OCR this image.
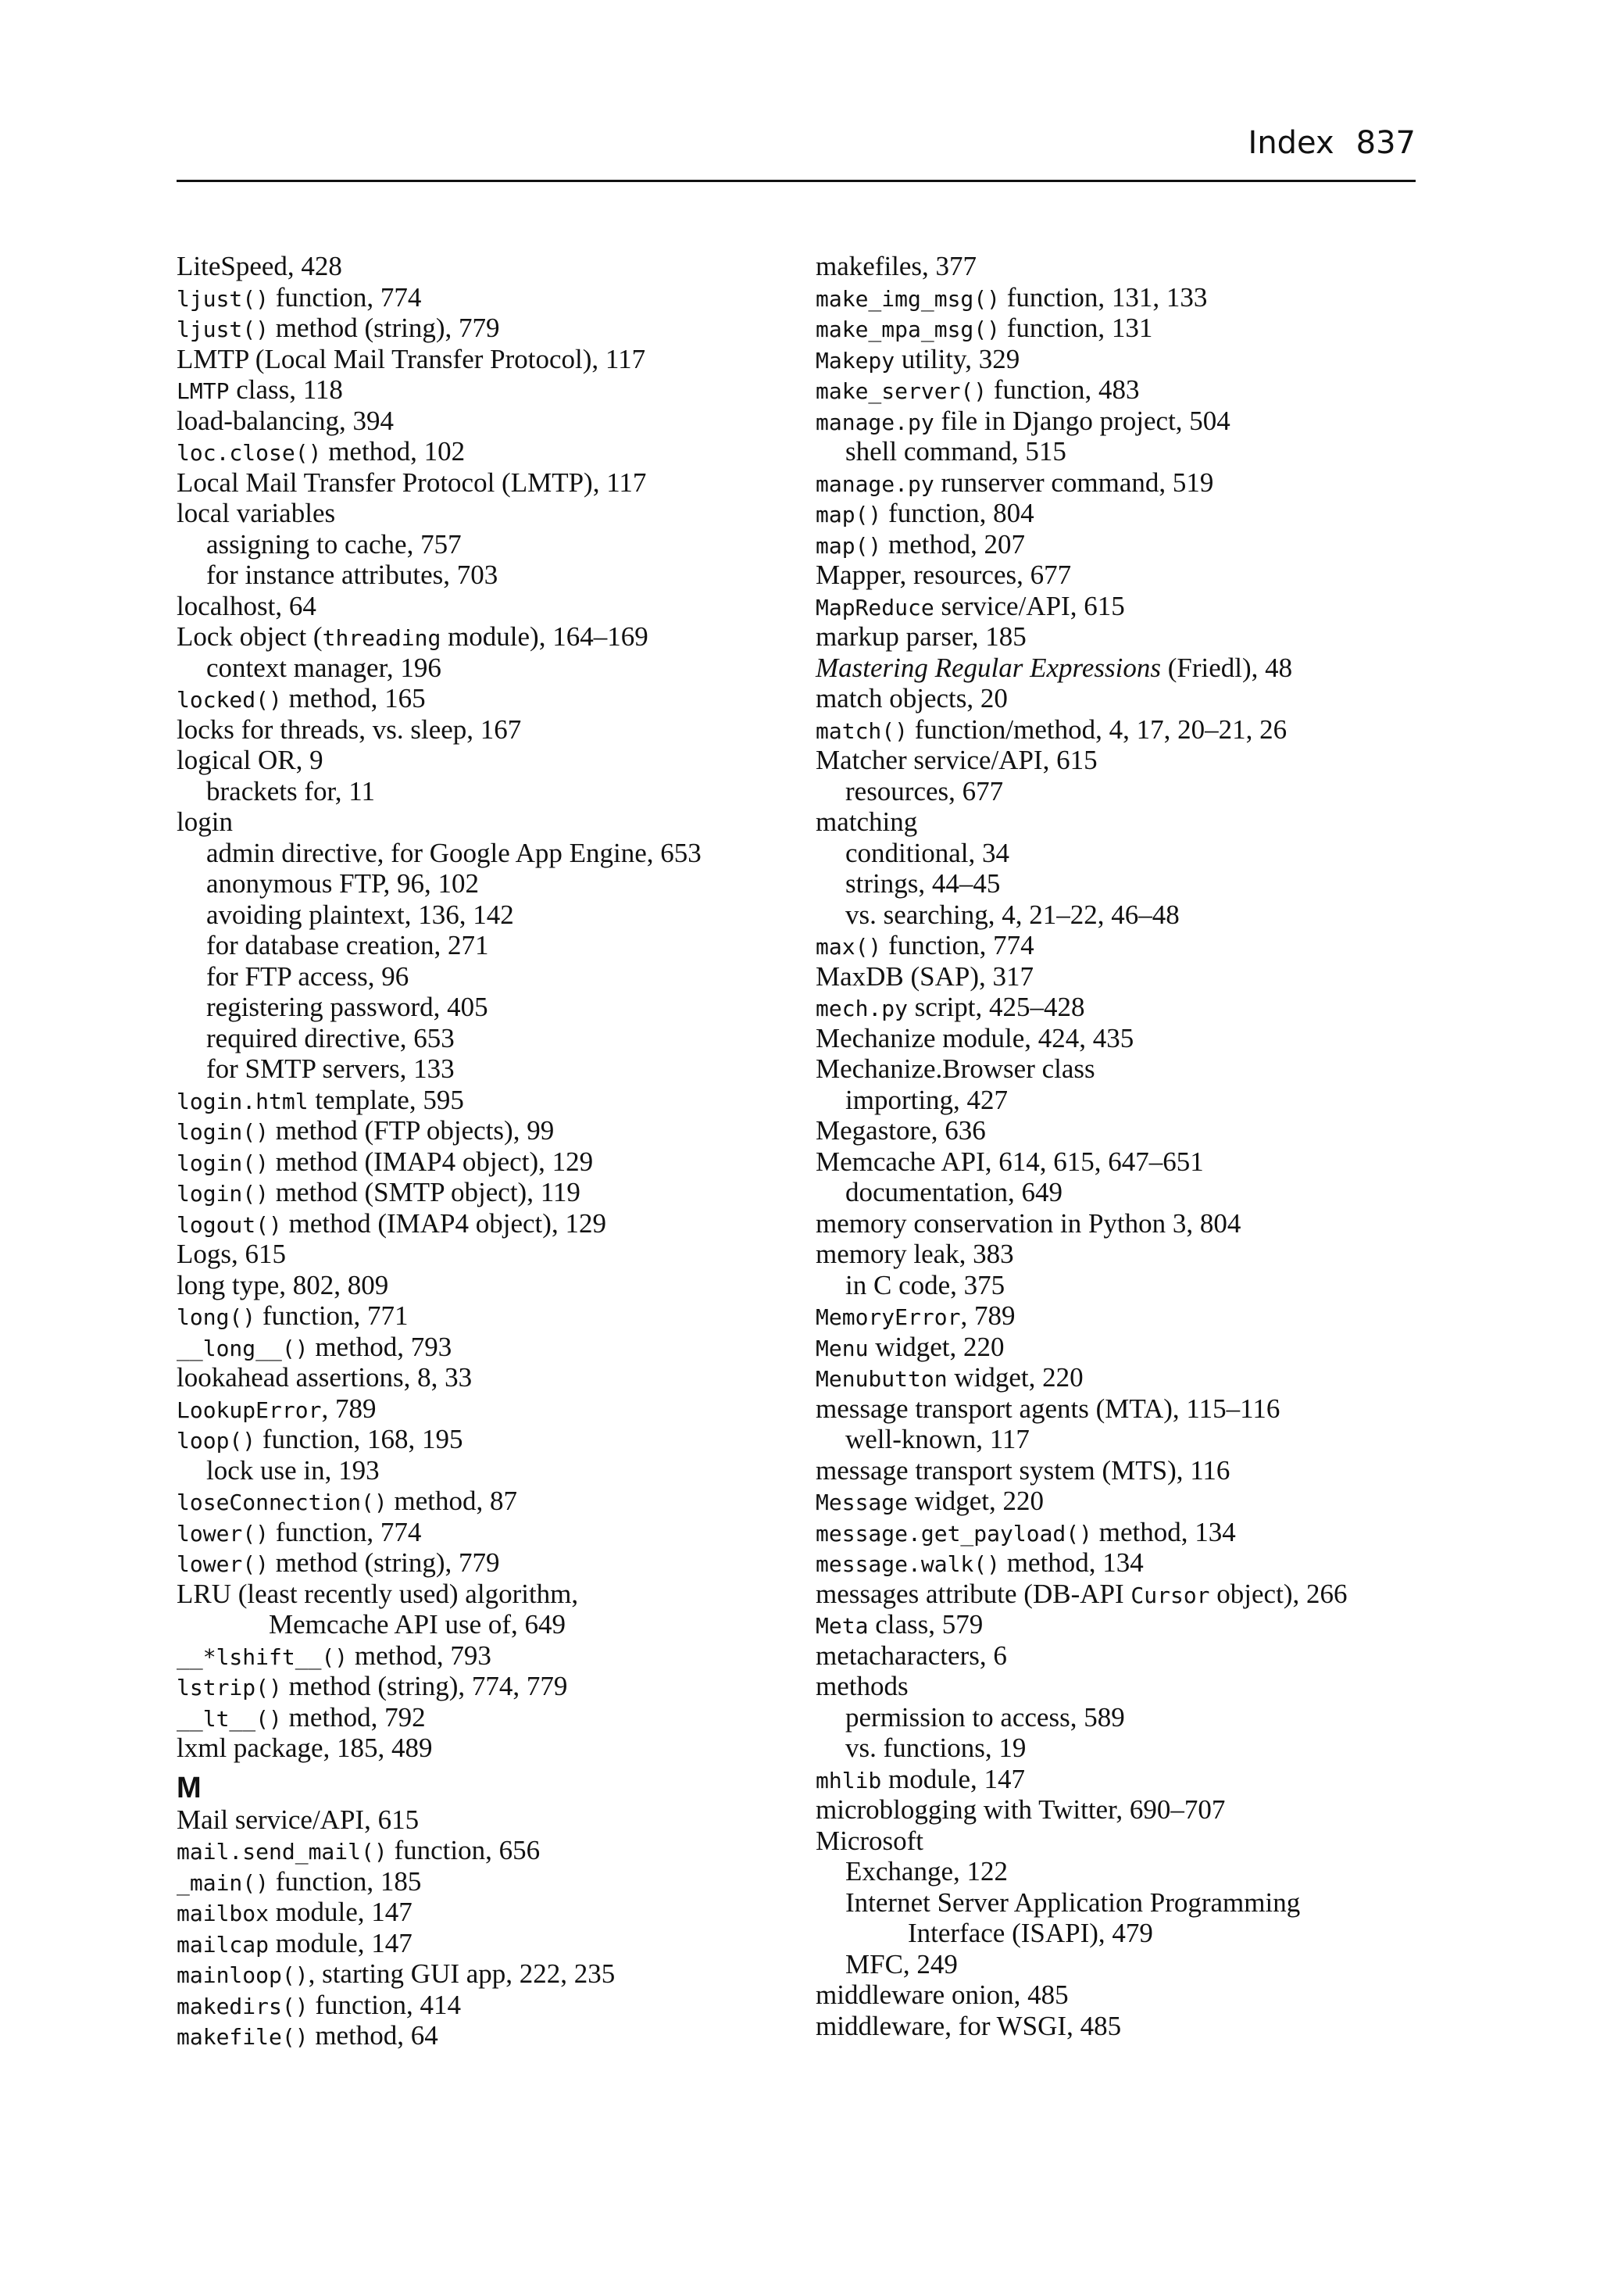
Index 837
LiteSpeed, 428
ljust() function, 774
ljust() method (string), 779
LMTP (Local Mail Transfer Protocol), 117
LMTP class, 118
load-balancing, 394
loc.close() method, 102
Local Mail Transfer Protocol (LMTP), 117
local variables
assigning to cache, 757
for instance attributes, 703
localhost, 64
Lock object (threading module), 164–169
context manager, 196
locked() method, 165
locks for threads, vs. sleep, 167
logical OR, 9
brackets for, 11
login
admin directive, for Google App Engine, 653
anonymous FTP, 96, 102
avoiding plaintext, 136, 142
for database creation, 271
for FTP access, 96
registering password, 405
required directive, 653
for SMTP servers, 133
login.html template, 595
login() method (FTP objects), 99
login() method (IMAP4 object), 129
login() method (SMTP object), 119
logout() method (IMAP4 object), 129
Logs, 615
long type, 802, 809
long() function, 771
__long__() method, 793
lookahead assertions, 8, 33
LookupError, 789
loop() function, 168, 195
lock use in, 193
loseConnection() method, 87
lower() function, 774
lower() method (string), 779
LRU (least recently used) algorithm,
Memcache API use of, 649
__*lshift__() method, 793
lstrip() method (string), 774, 779
__lt__() method, 792
lxml package, 185, 489
M
Mail service/API, 615
mail.send_mail() function, 656
_main() function, 185
mailbox module, 147
mailcap module, 147
mainloop(), starting GUI app, 222, 235
makedirs() function, 414
makefile() method, 64
makefiles, 377
make_img_msg() function, 131, 133
make_mpa_msg() function, 131
Makepy utility, 329
make_server() function, 483
manage.py file in Django project, 504
shell command, 515
manage.py runserver command, 519
map() function, 804
map() method, 207
Mapper, resources, 677
MapReduce service/API, 615
markup parser, 185
Mastering Regular Expressions (Friedl), 48
match objects, 20
match() function/method, 4, 17, 20–21, 26
Matcher service/API, 615
resources, 677
matching
conditional, 34
strings, 44–45
vs. searching, 4, 21–22, 46–48
max() function, 774
MaxDB (SAP), 317
mech.py script, 425–428
Mechanize module, 424, 435
Mechanize.Browser class
importing, 427
Megastore, 636
Memcache API, 614, 615, 647–651
documentation, 649
memory conservation in Python 3, 804
memory leak, 383
in C code, 375
MemoryError, 789
Menu widget, 220
Menubutton widget, 220
message transport agents (MTA), 115–116
well-known, 117
message transport system (MTS), 116
Message widget, 220
message.get_payload() method, 134
message.walk() method, 134
messages attribute (DB-API Cursor object), 266
Meta class, 579
metacharacters, 6
methods
permission to access, 589
vs. functions, 19
mhlib module, 147
microblogging with Twitter, 690–707
Microsoft
Exchange, 122
Internet Server Application Programming
Interface (ISAPI), 479
MFC, 249
middleware onion, 485
middleware, for WSGI, 485
